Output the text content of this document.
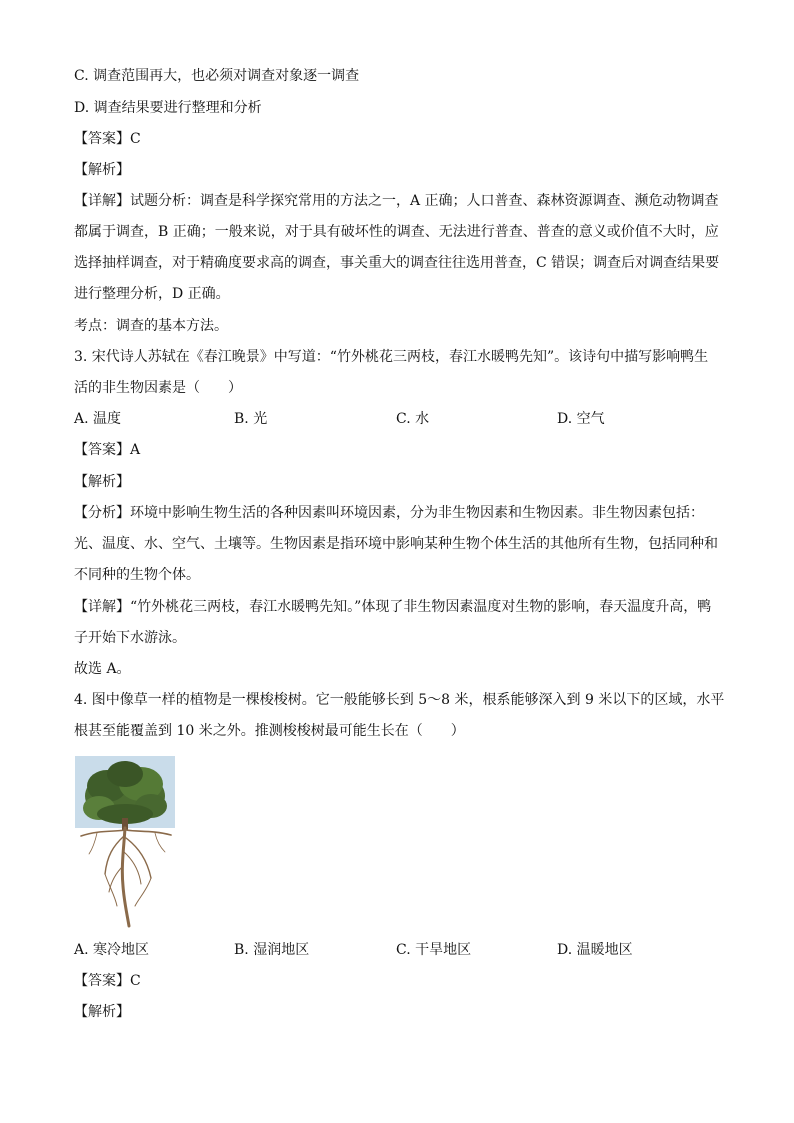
C. 调查范围再大，也必须对调查对象逐一调查
D. 调查结果要进行整理和分析
【答案】C
【解析】
【详解】试题分析：调查是科学探究常用的方法之一，A 正确；人口普查、森林资源调查、濒危动物调查
都属于调查，B 正确；一般来说，对于具有破坏性的调查、无法进行普查、普查的意义或价值不大时，应
选择抽样调查，对于精确度要求高的调查，事关重大的调查往往选用普查，C 错误；调查后对调查结果要
进行整理分析，D 正确。
考点：调查的基本方法。
3. 宋代诗人苏轼在《春江晚景》中写道：“竹外桃花三两枝，春江水暖鸭先知”。该诗句中描写影响鸭生
活的非生物因素是（　　）
A. 温度	B. 光	C. 水	D. 空气
【答案】A
【解析】
【分析】环境中影响生物生活的各种因素叫环境因素，分为非生物因素和生物因素。非生物因素包括：
光、温度、水、空气、土壤等。生物因素是指环境中影响某种生物个体生活的其他所有生物，包括同种和
不同种的生物个体。
【详解】“竹外桃花三两枝，春江水暖鸭先知。”体现了非生物因素温度对生物的影响，春天温度升高，鸭
子开始下水游泳。
故选 A。
4. 图中像草一样的植物是一棵梭梭树。它一般能够长到 5～8 米，根系能够深入到 9 米以下的区域，水平
根甚至能覆盖到 10 米之外。推测梭梭树最可能生长在（　　）
A. 寒冷地区	B. 湿润地区	C. 干旱地区	D. 温暖地区
【答案】C
【解析】
